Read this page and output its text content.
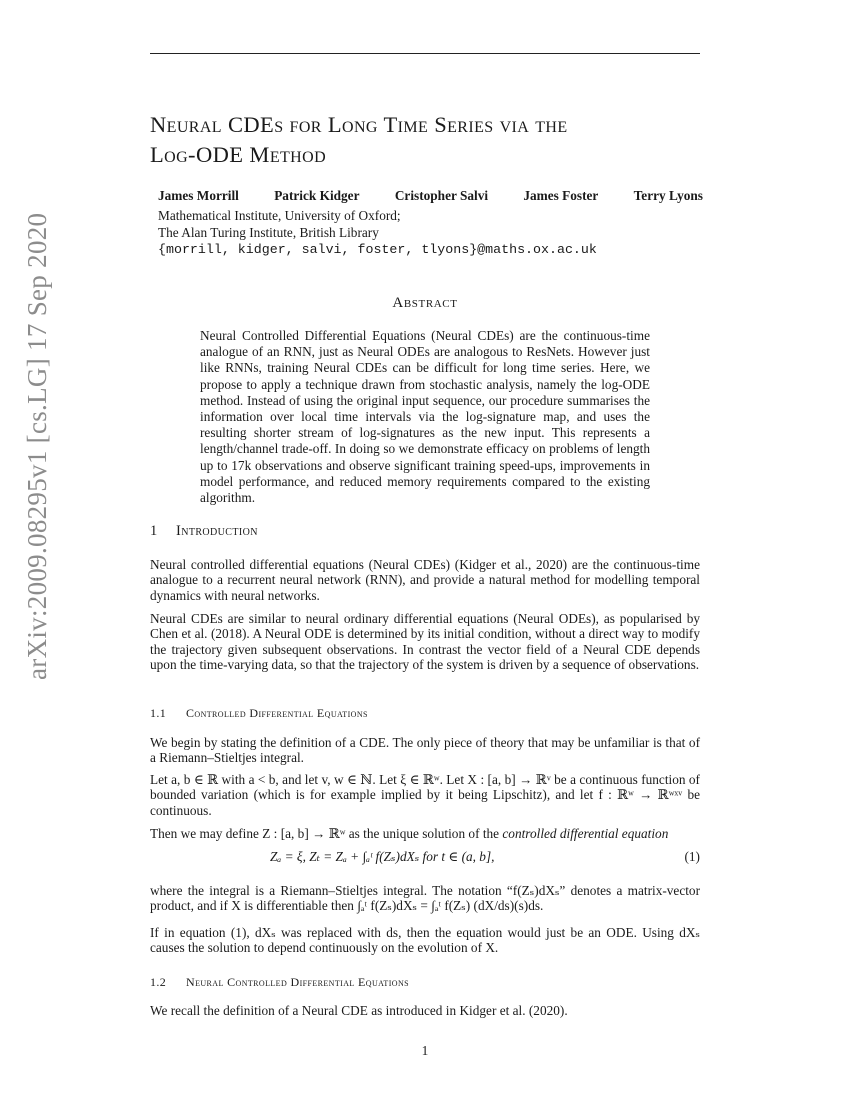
Neural CDEs for Long Time Series via the
Log-ODE Method
James Morrill	Patrick Kidger	Cristopher Salvi	James Foster	Terry Lyons
Mathematical Institute, University of Oxford;
The Alan Turing Institute, British Library
{morrill, kidger, salvi, foster, tlyons}@maths.ox.ac.uk
arXiv:2009.08295v1 [cs.LG] 17 Sep 2020	Abstract
Neural Controlled Differential Equations (Neural CDEs) are the continuous-time analogue of an RNN, just as Neural ODEs are analogous to ResNets. However just like RNNs, training Neural CDEs can be difficult for long time series. Here, we propose to apply a technique drawn from stochastic analysis, namely the log-ODE method. Instead of using the original input sequence, our procedure summarises the information over local time intervals via the log-signature map, and uses the resulting shorter stream of log-signatures as the new input. This represents a length/channel trade-off. In doing so we demonstrate efficacy on problems of length up to 17k observations and observe significant training speed-ups, improvements in model performance, and reduced memory requirements compared to the existing algorithm.
1 Introduction
Neural controlled differential equations (Neural CDEs) (Kidger et al., 2020) are the continuous-time analogue to a recurrent neural network (RNN), and provide a natural method for modelling temporal dynamics with neural networks.
Neural CDEs are similar to neural ordinary differential equations (Neural ODEs), as popularised by Chen et al. (2018). A Neural ODE is determined by its initial condition, without a direct way to modify the trajectory given subsequent observations. In contrast the vector field of a Neural CDE depends upon the time-varying data, so that the trajectory of the system is driven by a sequence of observations.
1.1 Controlled Differential Equations
We begin by stating the definition of a CDE. The only piece of theory that may be unfamiliar is that of a Riemann–Stieltjes integral.
Let a, b ∈ ℝ with a < b, and let v, w ∈ ℕ. Let ξ ∈ ℝʷ. Let X : [a, b] → ℝᵛ be a continuous function of bounded variation (which is for example implied by it being Lipschitz), and let f : ℝʷ → ℝʷˣᵛ be continuous.
Then we may define Z : [a, b] → ℝʷ as the unique solution of the controlled differential equation
Zₐ = ξ, Zₜ = Zₐ + ∫ₐᵗ f(Zₛ)dXₛ for t ∈ (a, b],	(1)
where the integral is a Riemann–Stieltjes integral. The notation “f(Zₛ)dXₛ” denotes a matrix-vector product, and if X is differentiable then ∫ₐᵗ f(Zₛ)dXₛ = ∫ₐᵗ f(Zₛ) (dX/ds)(s)ds.
If in equation (1), dXₛ was replaced with ds, then the equation would just be an ODE. Using dXₛ causes the solution to depend continuously on the evolution of X.
1.2 Neural Controlled Differential Equations
We recall the definition of a Neural CDE as introduced in Kidger et al. (2020).
1
